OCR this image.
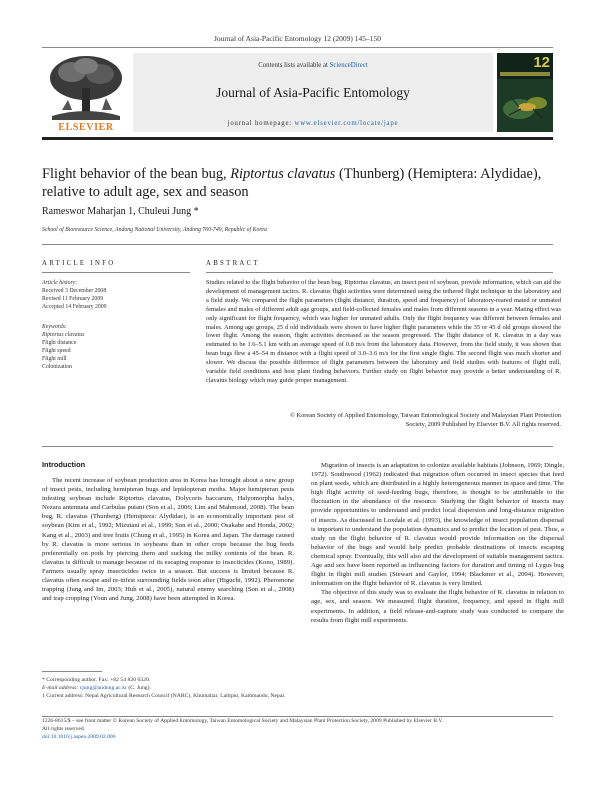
Journal of Asia-Pacific Entomology 12 (2009) 145–150
ELSEVIER
Contents lists available at ScienceDirect
Journal of Asia-Pacific Entomology
journal homepage: www.elsevier.com/locate/jape
12
Flight behavior of the bean bug, Riptortus clavatus (Thunberg) (Hemiptera: Alydidae),
relative to adult age, sex and season
Rameswor Maharjan 1, Chuleui Jung *
School of Bioresource Science, Andong National University, Andong 760-749, Republic of Korea
ARTICLE INFO	ABSTRACT
Article history:
Received 3 December 2008
Revised 11 February 2009
Accepted 14 February 2009
Keywords:
Riptortus clavatus
Flight distance
Flight speed
Flight mill
Colonization
Studies related to the flight behavior of the bean bug, Riptortus clavatus, an insect pest of soybean, provide information, which can aid the development of management tactics. R. clavatus flight activities were determined using the tethered flight technique in the laboratory and a field study. We compared the flight parameters (flight distance, duration, speed and frequency) of laboratory-reared mated or unmated females and males of different adult age groups, and field-collected females and males from different seasons in a year. Mating effect was only significant for flight frequency, which was higher for unmated adults. Only the flight frequency was different between females and males. Among age groups, 25 d old individuals were shown to have higher flight parameters while the 35 or 45 d old groups showed the lower flight. Among the season, flight activities decreased as the season progressed. The flight distance of R. clavatus in a day was estimated to be 1.6–5.1 km with an average speed of 0.8 m/s from the laboratory data. However, from the field study, it was shown that bean bugs flew a 45–54 m distance with a flight speed of 3.0–3.6 m/s for the first single flight. The second flight was much shorter and slower. We discuss the possible difference of flight parameters between the laboratory and field studies with features of flight mill, variable field conditions and host plant finding behaviors. Further study on flight behavior may provide a better understanding of R. clavatus biology which may guide proper management.
© Korean Society of Applied Entomology, Taiwan Entomological Society and Malaysian Plant Protection
Society, 2009 Published by Elsevier B.V. All rights reserved.
Introduction

The recent increase of soybean production area in Korea has brought about a new group of insect pests, including hemipteran bugs and lepidopteran moths. Major hemipteran pests infesting soybean include Riptortus clavatus, Dolycoris baccarum, Halyomorpha halys, Nezara antennata and Carbulas putani (Son et al., 2006; Lim and Mahmoud, 2008). The bean bug, R. clavatus (Thunberg) (Hemiptera: Alydidae), is an economically important pest of soybean (Kim et al., 1992; Mizutani et al., 1999; Son et al., 2000; Osakabe and Honda, 2002; Kang et al., 2003) and tree fruits (Chung et al., 1995) in Korea and Japan. The damage caused by R. clavatus is more serious in soybeans than in other crops because the bug feeds preferentially on pods by piercing them and sucking the milky contents of the bean. R. clavatus is difficult to manage because of its escaping response to insecticides (Kono, 1989). Farmers usually spray insecticides twice in a season. But success is limited because R. clavatus often escape and re-infest surrounding fields soon after (Higuchi, 1992). Pheromone trapping (Jung and Im, 2003; Huh et al., 2005), natural enemy searching (Son et al., 2008) and trap cropping (Youn and Jung, 2008) have been attempted in Korea.

Migration of insects is an adaptation to colonize available habitats (Johnson, 1969; Dingle, 1972). Southwood (1962) indicated that migration often occurred in insect species that feed on plant seeds, which are distributed in a highly heterogeneous manner in space and time. The high flight activity of seed-feeding bugs, therefore, is thought to be attributable to the fluctuation in the abundance of the resource. Studying the flight behavior of insects may provide opportunities to understand and predict local dispersion and long-distance migration of insects. As discussed in Loxdale et al. (1993), the knowledge of insect population dispersal is important to understand the population dynamics and to predict the location of pest. Thus, a study on the flight behavior of R. clavatus would provide information on the dispersal behavior of the bugs and would help predict probable destinations of insects escaping chemical spray. Eventually, this will also aid the development of suitable management tactics. Age and sex have been reported as influencing factors for duration and timing of Lygus bug flight in flight mill studies (Stewart and Gaylor, 1994; Blackmer et al., 2004). However, information on the flight behavior of R. clavatus is very limited.

The objective of this study was to evaluate the flight behavior of R. clavatus in relation to age, sex, and season. We measured flight duration, frequency, and speed in flight mill experiments. In addition, a field release-and-capture study was conducted to compare the results from flight mill experiments.

* Corresponding author. Fax: +82 54 820 6320.
E-mail address: cjung@andong.ac.kr (C. Jung).
1 Current address: Nepal Agricultural Research Council (NARC), Khumaltar, Lalitpur, Kathmandu, Nepal.
1226-8615/$ – see front matter © Korean Society of Applied Entomology, Taiwan Entomological Society and Malaysian Plant Protection Society, 2009 Published by Elsevier B.V.
All rights reserved.
doi:10.1016/j.aspen.2009.02.006
